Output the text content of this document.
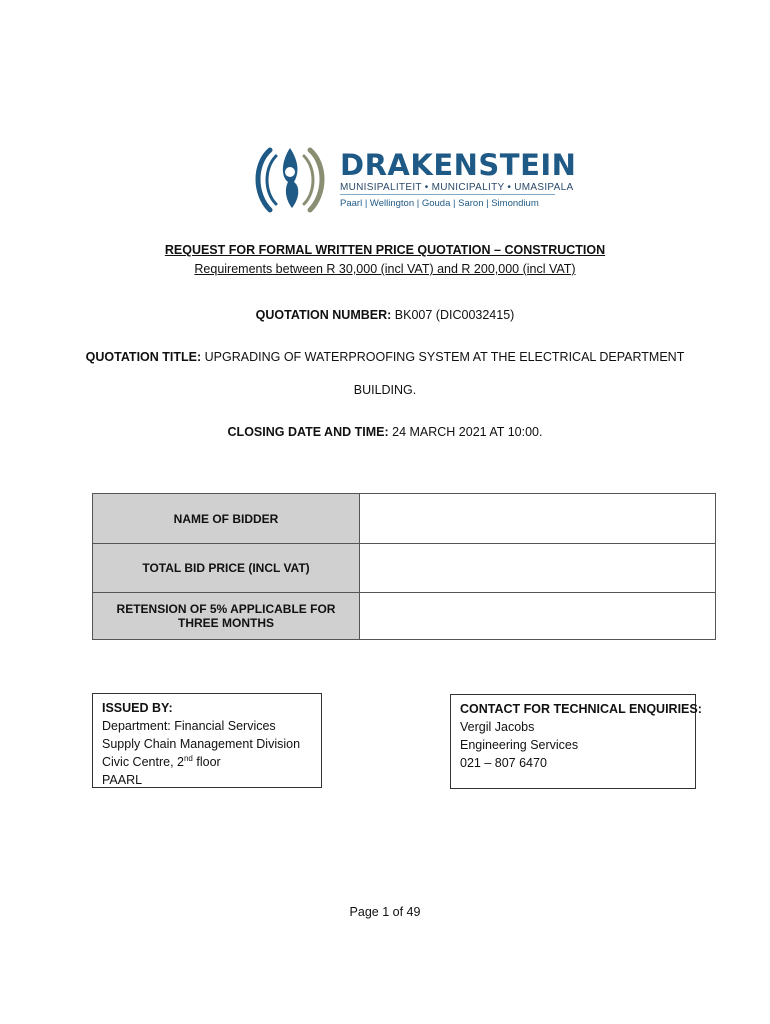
DRAKENSTEIN
MUNISIPALITEIT • MUNICIPALITY • UMASIPALA
Paarl | Wellington | Gouda | Saron | Simondium
REQUEST FOR FORMAL WRITTEN PRICE QUOTATION – CONSTRUCTION
Requirements between R 30,000 (incl VAT) and R 200,000 (incl VAT)
QUOTATION NUMBER: BK007 (DIC0032415)
QUOTATION TITLE: UPGRADING OF WATERPROOFING SYSTEM AT THE ELECTRICAL DEPARTMENT
BUILDING.
CLOSING DATE AND TIME: 24 MARCH 2021 AT 10:00.
NAME OF BIDDER	
TOTAL BID PRICE (INCL VAT)	
RETENSION OF 5% APPLICABLE FOR THREE MONTHS	
ISSUED BY:
Department: Financial Services
Supply Chain Management Division
Civic Centre, 2nd floor
PAARL
CONTACT FOR TECHNICAL ENQUIRIES:
Vergil Jacobs
Engineering Services
021 – 807 6470
Page 1 of 49
